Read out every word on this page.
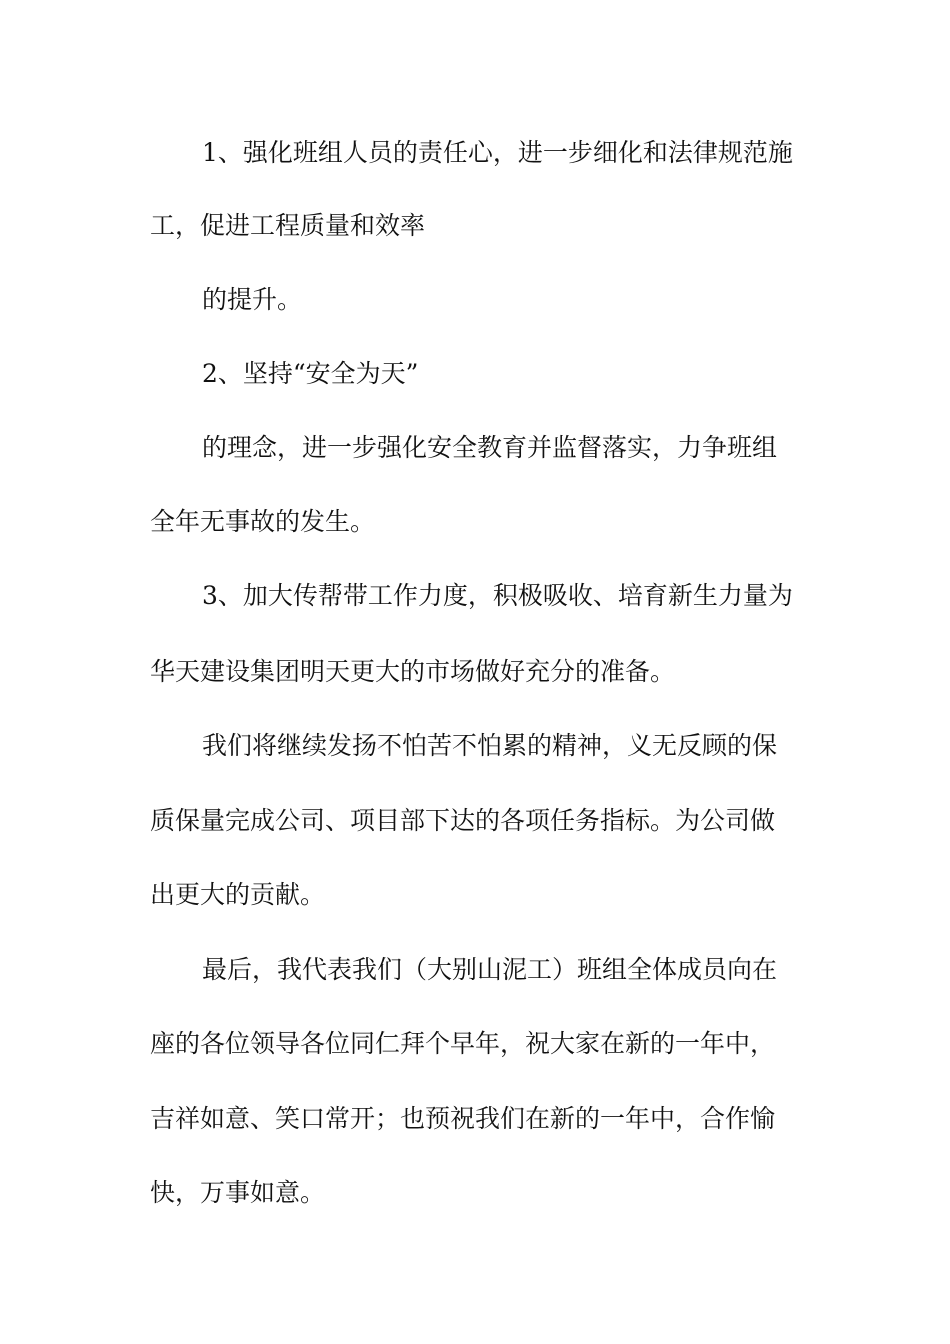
1、强化班组人员的责任心，进一步细化和法律规范施
工，促进工程质量和效率
的提升。
2、坚持“安全为天”
的理念，进一步强化安全教育并监督落实，力争班组
全年无事故的发生。
3、加大传帮带工作力度，积极吸收、培育新生力量为
华天建设集团明天更大的市场做好充分的准备。
我们将继续发扬不怕苦不怕累的精神，义无反顾的保
质保量完成公司、项目部下达的各项任务指标。为公司做
出更大的贡献。
最后，我代表我们（大别山泥工）班组全体成员向在
座的各位领导各位同仁拜个早年，祝大家在新的一年中，
吉祥如意、笑口常开；也预祝我们在新的一年中，合作愉
快，万事如意。
